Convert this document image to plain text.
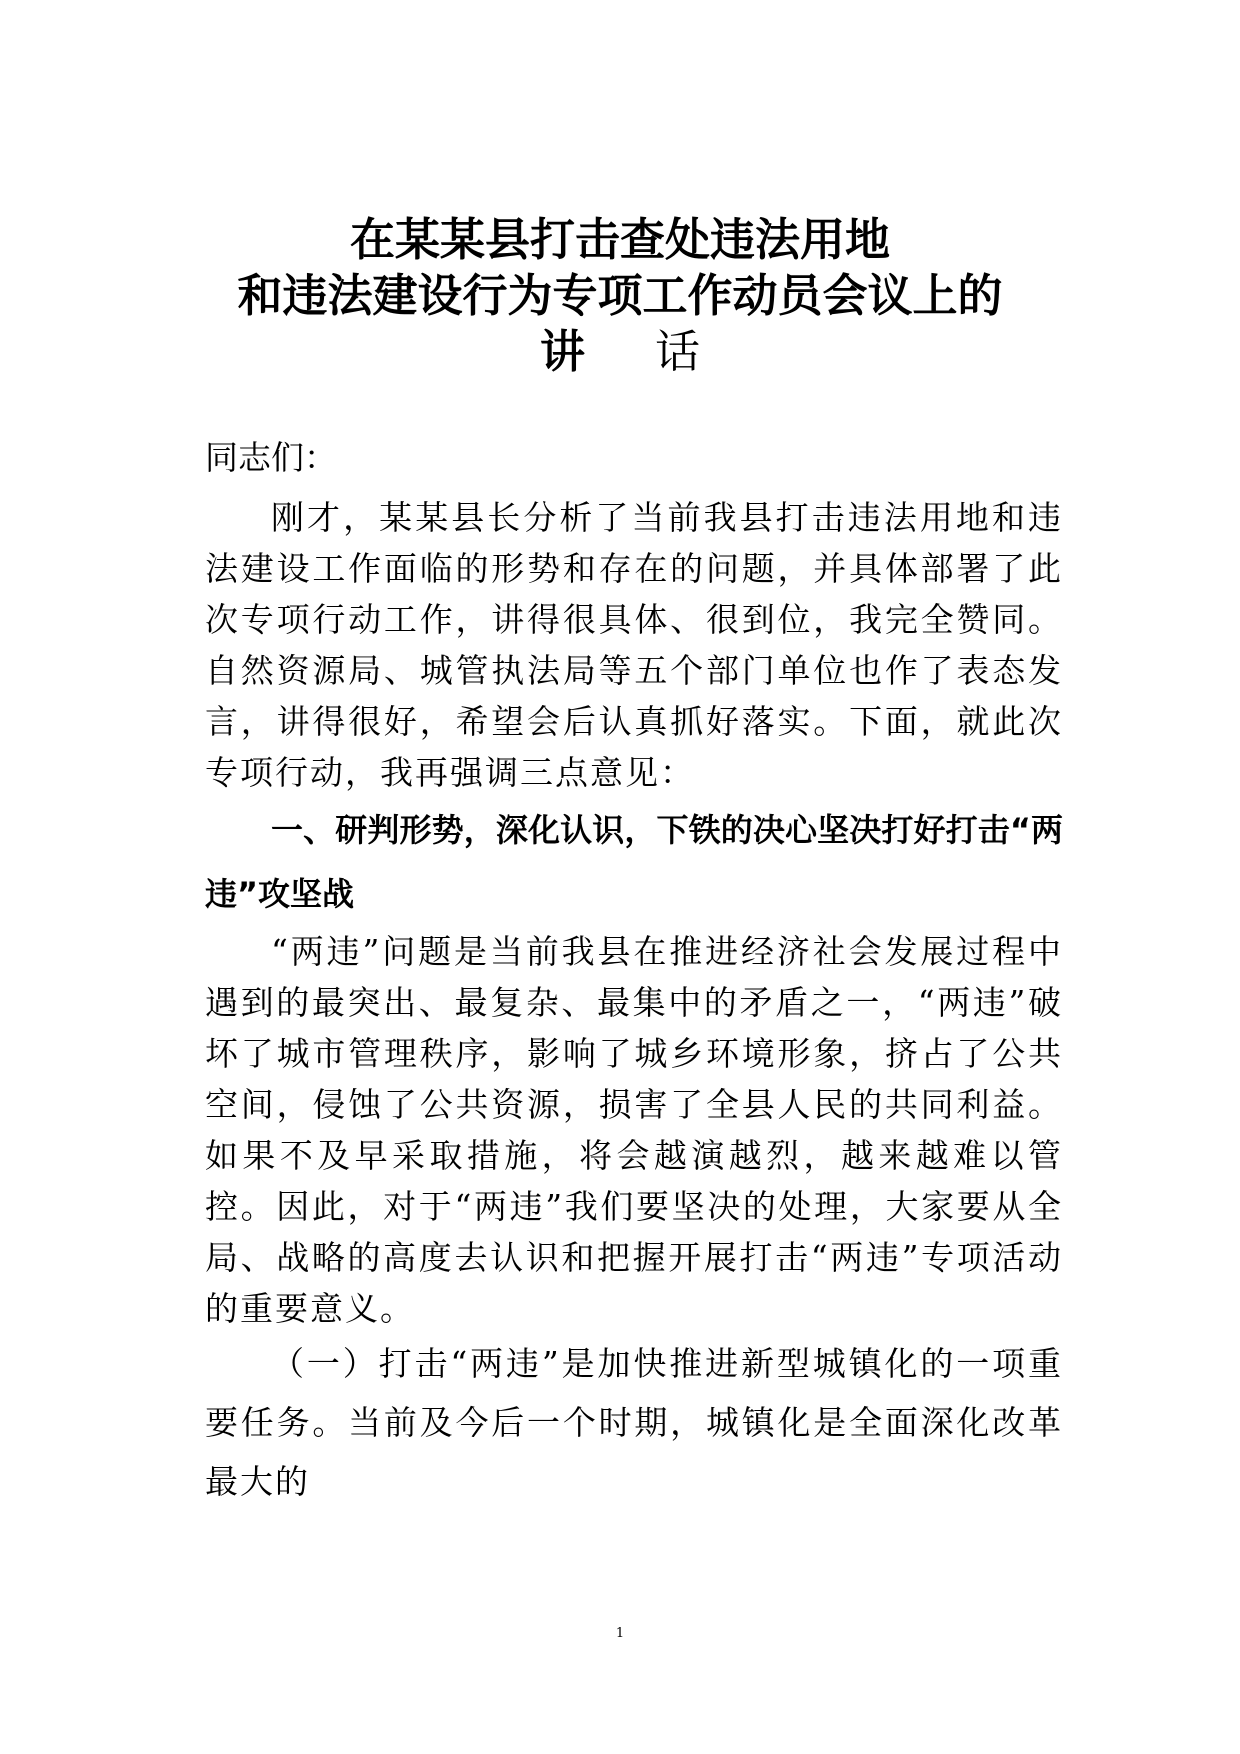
在某某县打击查处违法用地
和违法建设行为专项工作动员会议上的
讲 话

同志们：

刚才，某某县长分析了当前我县打击违法用地和违法建设工作面临的形势和存在的问题，并具体部署了此次专项行动工作，讲得很具体、很到位，我完全赞同。自然资源局、城管执法局等五个部门单位也作了表态发言，讲得很好，希望会后认真抓好落实。下面，就此次专项行动，我再强调三点意见：

一、研判形势，深化认识，下铁的决心坚决打好打击“两违”攻坚战

“两违”问题是当前我县在推进经济社会发展过程中遇到的最突出、最复杂、最集中的矛盾之一，“两违”破坏了城市管理秩序，影响了城乡环境形象，挤占了公共空间，侵蚀了公共资源，损害了全县人民的共同利益。如果不及早采取措施，将会越演越烈，越来越难以管控。因此，对于“两违”我们要坚决的处理，大家要从全局、战略的高度去认识和把握开展打击“两违”专项活动的重要意义。

（一）打击“两违”是加快推进新型城镇化的一项重要任务。当前及今后一个时期，城镇化是全面深化改革最大的

1
